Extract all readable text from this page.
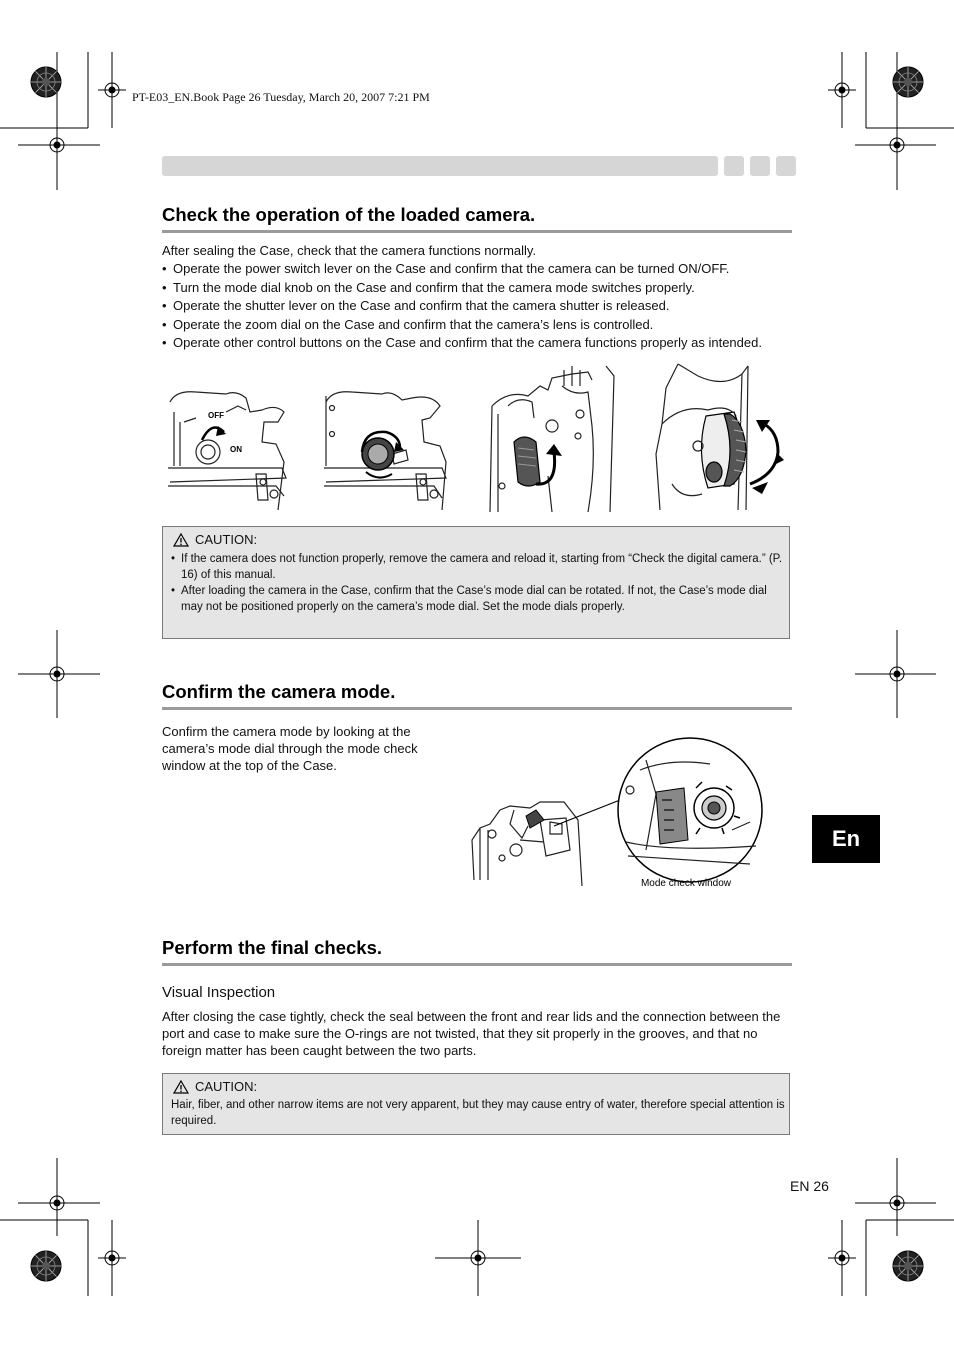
PT-E03_EN.Book Page 26 Tuesday, March 20, 2007 7:21 PM
Check the operation of the loaded camera.

After sealing the Case, check that the camera functions normally.

• Operate the power switch lever on the Case and confirm that the camera can be turned ON/OFF.
• Turn the mode dial knob on the Case and confirm that the camera mode switches properly.
• Operate the shutter lever on the Case and confirm that the camera shutter is released.
• Operate the zoom dial on the Case and confirm that the camera’s lens is controlled.
• Operate other control buttons on the Case and confirm that the camera functions properly as intended.
OFF
ON
CAUTION:
• If the camera does not function properly, remove the camera and reload it, starting from “Check the digital camera.” (P. 16) of this manual.
• After loading the camera in the Case, confirm that the Case’s mode dial can be rotated. If not, the Case’s mode dial may not be positioned properly on the camera’s mode dial. Set the mode dials properly.
Confirm the camera mode.

Confirm the camera mode by looking at the camera’s mode dial through the mode check window at the top of the Case.

Mode check window
Perform the final checks.
Visual Inspection

After closing the case tightly, check the seal between the front and rear lids and the connection between the port and case to make sure the O-rings are not twisted, that they sit properly in the grooves, and that no foreign matter has been caught between the two parts.

CAUTION:
Hair, fiber, and other narrow items are not very apparent, but they may cause entry of water, therefore special attention is required.
En
EN 26
